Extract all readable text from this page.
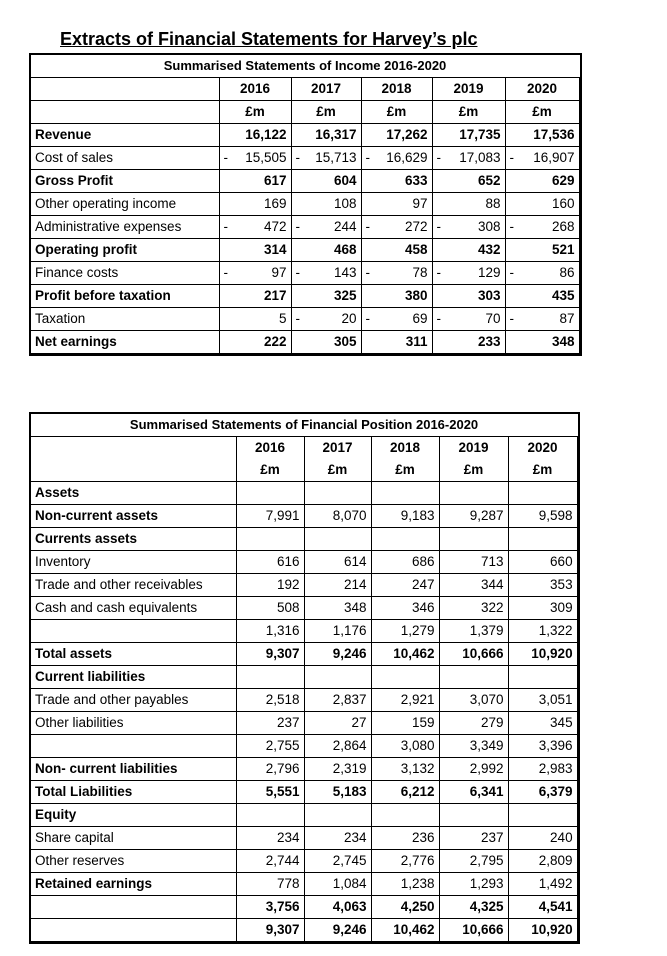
Extracts of Financial Statements for Harvey’s plc
Summarised Statements of Income 2016-2020										
	2016		2017		2018		2019		2020	
	£m		£m		£m		£m		£m	
Revenue		16,122		16,317		17,262		17,735		17,536
Cost of sales	-	15,505	-	15,713	-	16,629	-	17,083	-	16,907
Gross Profit		617		604		633		652		629
Other operating income		169		108		97		88		160
Administrative expenses	-	472	-	244	-	272	-	308	-	268
Operating profit		314		468		458		432		521
Finance costs	-	97	-	143	-	78	-	129	-	86
Profit before taxation		217		325		380		303		435
Taxation		5	-	20	-	69	-	70	-	87
Net earnings		222		305		311		233		348
Summarised Statements of Financial Position 2016-2020					
	2016	2017	2018	2019	2020
	£m	£m	£m	£m	£m
Assets					
Non-current assets	7,991	8,070	9,183	9,287	9,598
Currents assets					
Inventory	616	614	686	713	660
Trade and other receivables	192	214	247	344	353
Cash and cash equivalents	508	348	346	322	309
	1,316	1,176	1,279	1,379	1,322
Total assets	9,307	9,246	10,462	10,666	10,920
Current liabilities					
Trade and other payables	2,518	2,837	2,921	3,070	3,051
Other liabilities	237	27	159	279	345
	2,755	2,864	3,080	3,349	3,396
Non- current liabilities	2,796	2,319	3,132	2,992	2,983
Total Liabilities	5,551	5,183	6,212	6,341	6,379
Equity					
Share capital	234	234	236	237	240
Other reserves	2,744	2,745	2,776	2,795	2,809
Retained earnings	778	1,084	1,238	1,293	1,492
	3,756	4,063	4,250	4,325	4,541
	9,307	9,246	10,462	10,666	10,920
